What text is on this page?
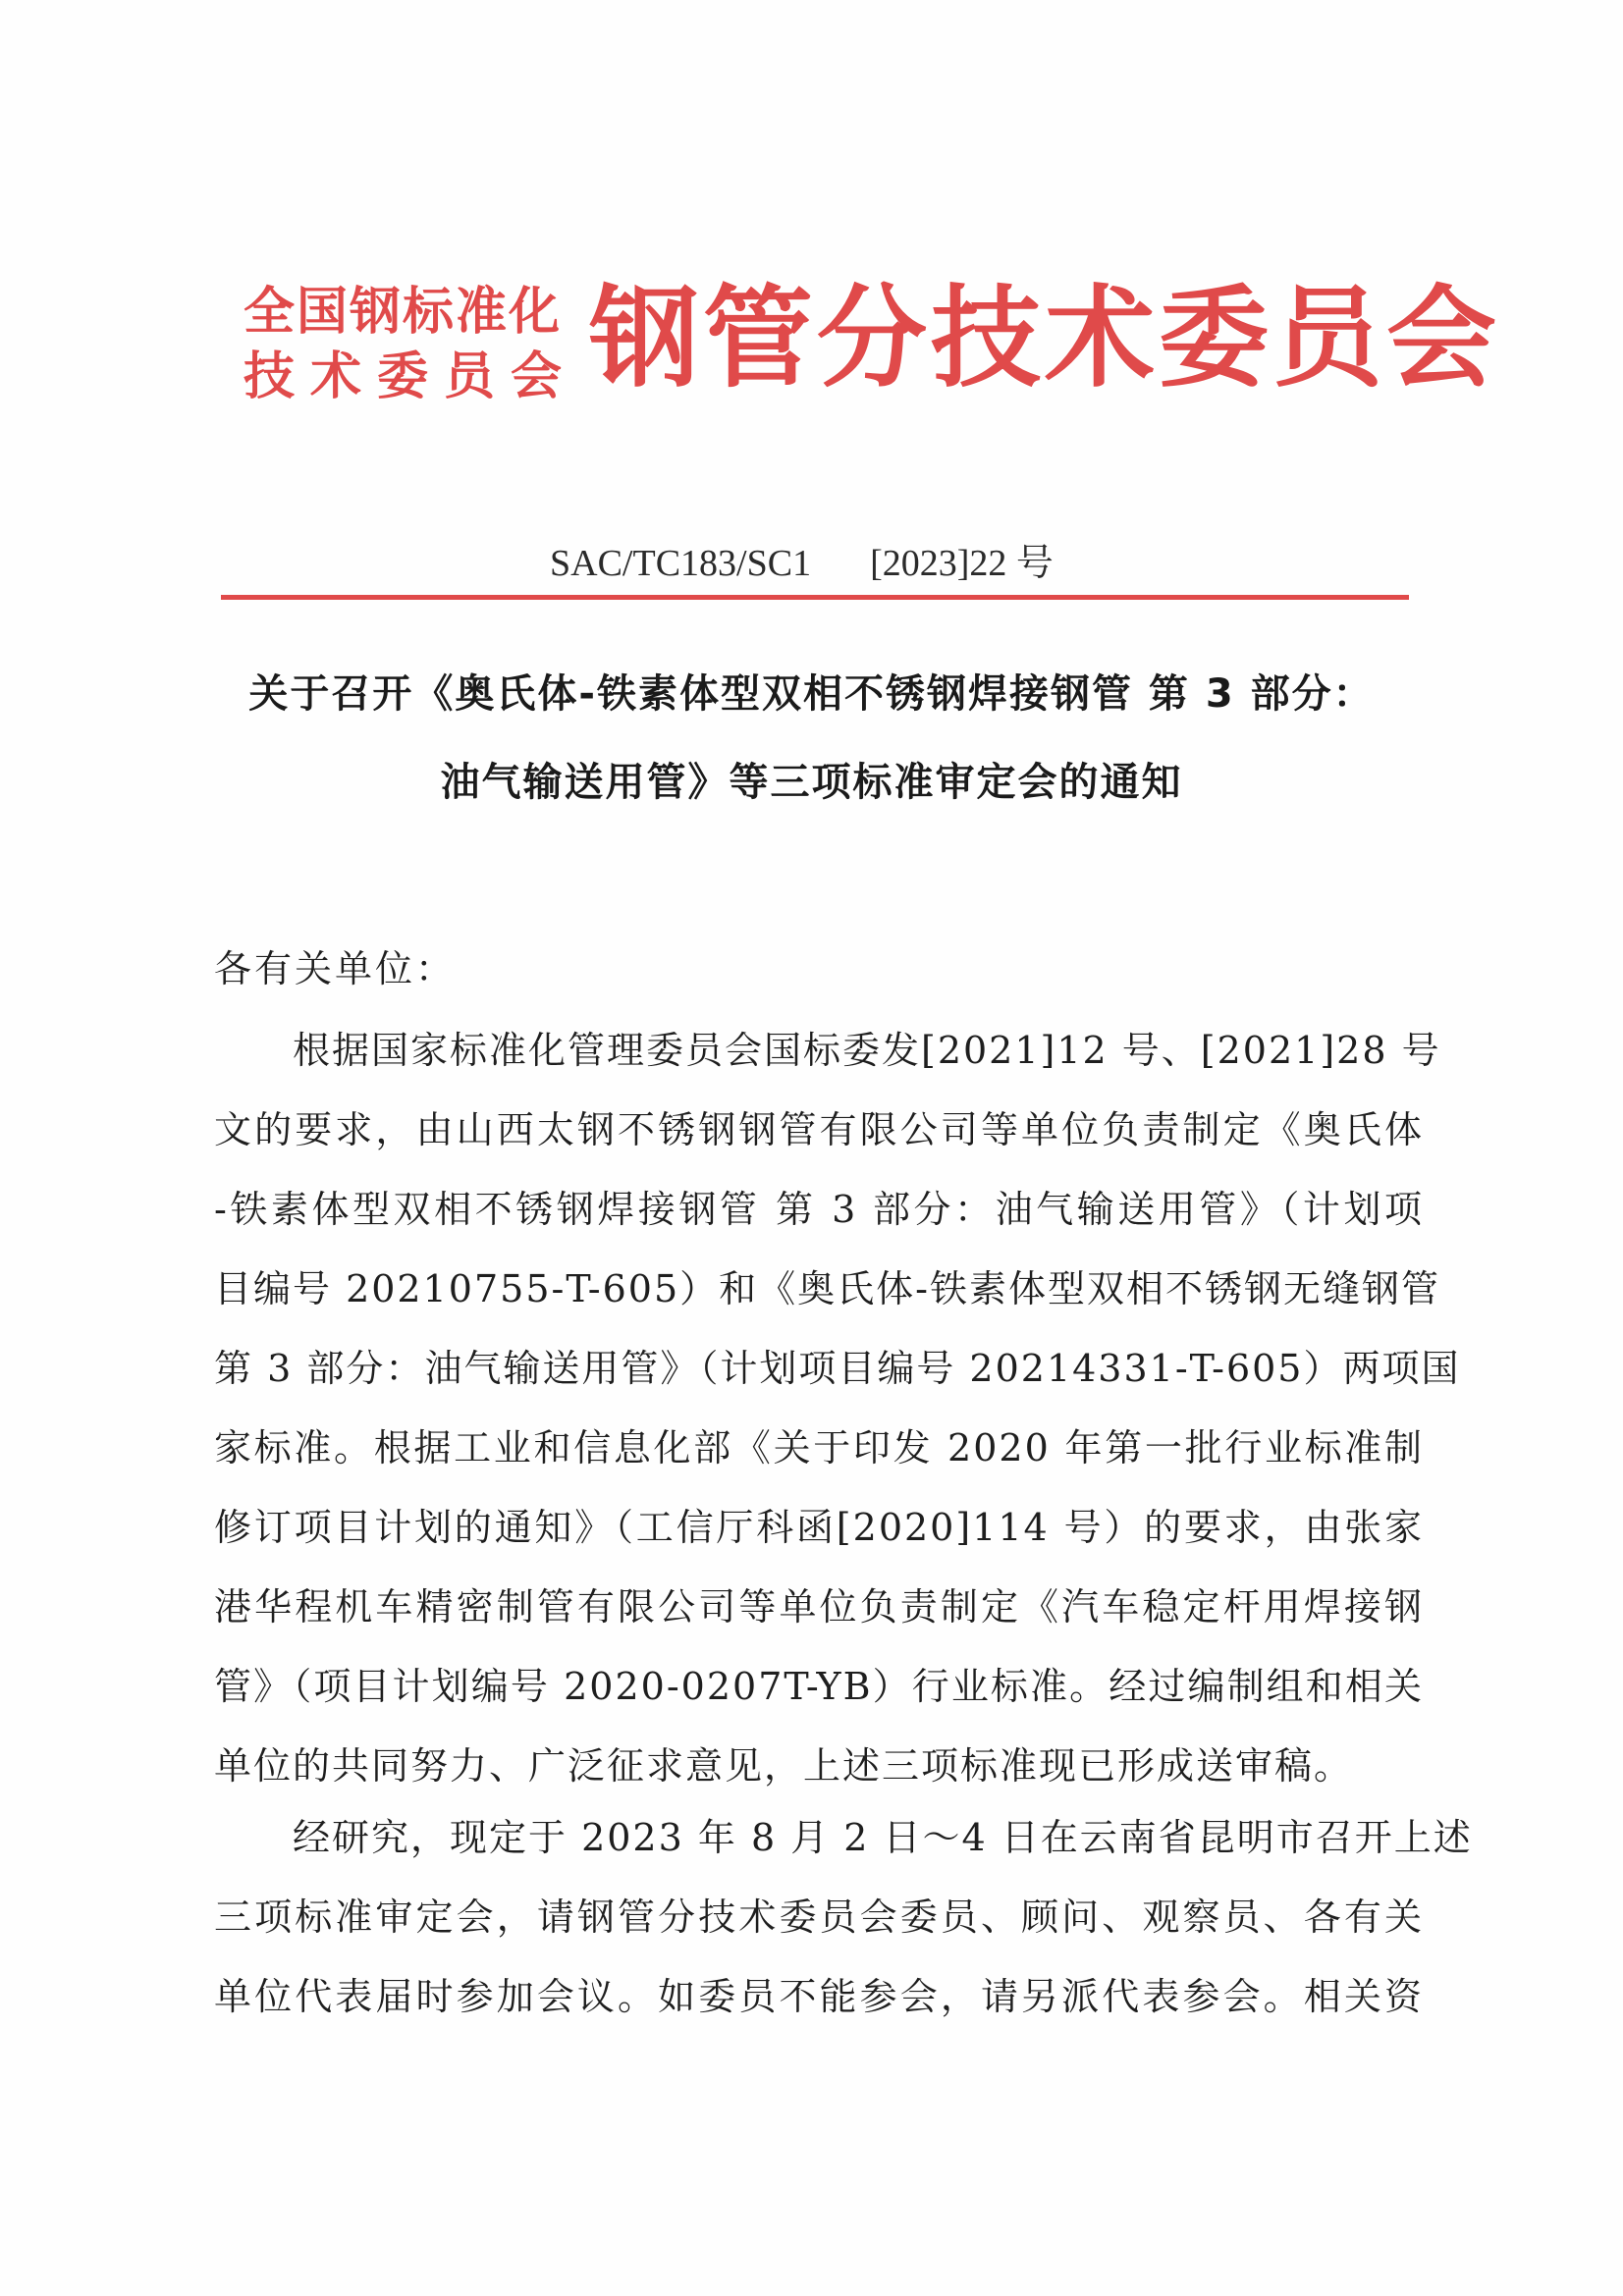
全国钢标准化
技术委员会 钢管分技术委员会
SAC/TC183/SC1 [2023]22 号
关于召开《奥氏体-铁素体型双相不锈钢焊接钢管 第 3 部分：
油气输送用管》等三项标准审定会的通知
各有关单位：
　　根据国家标准化管理委员会国标委发[2021]12 号、[2021]28 号
文的要求，由山西太钢不锈钢钢管有限公司等单位负责制定《奥氏体
-铁素体型双相不锈钢焊接钢管 第 3 部分：油气输送用管》（计划项
目编号 20210755-T-605）和《奥氏体-铁素体型双相不锈钢无缝钢管
第 3 部分：油气输送用管》（计划项目编号 20214331-T-605）两项国
家标准。根据工业和信息化部《关于印发 2020 年第一批行业标准制
修订项目计划的通知》（工信厅科函[2020]114 号）的要求，由张家
港华程机车精密制管有限公司等单位负责制定《汽车稳定杆用焊接钢
管》（项目计划编号 2020-0207T-YB）行业标准。经过编制组和相关
单位的共同努力、广泛征求意见，上述三项标准现已形成送审稿。
　　经研究，现定于 2023 年 8 月 2 日～4 日在云南省昆明市召开上述
三项标准审定会，请钢管分技术委员会委员、顾问、观察员、各有关
单位代表届时参加会议。如委员不能参会，请另派代表参会。相关资
